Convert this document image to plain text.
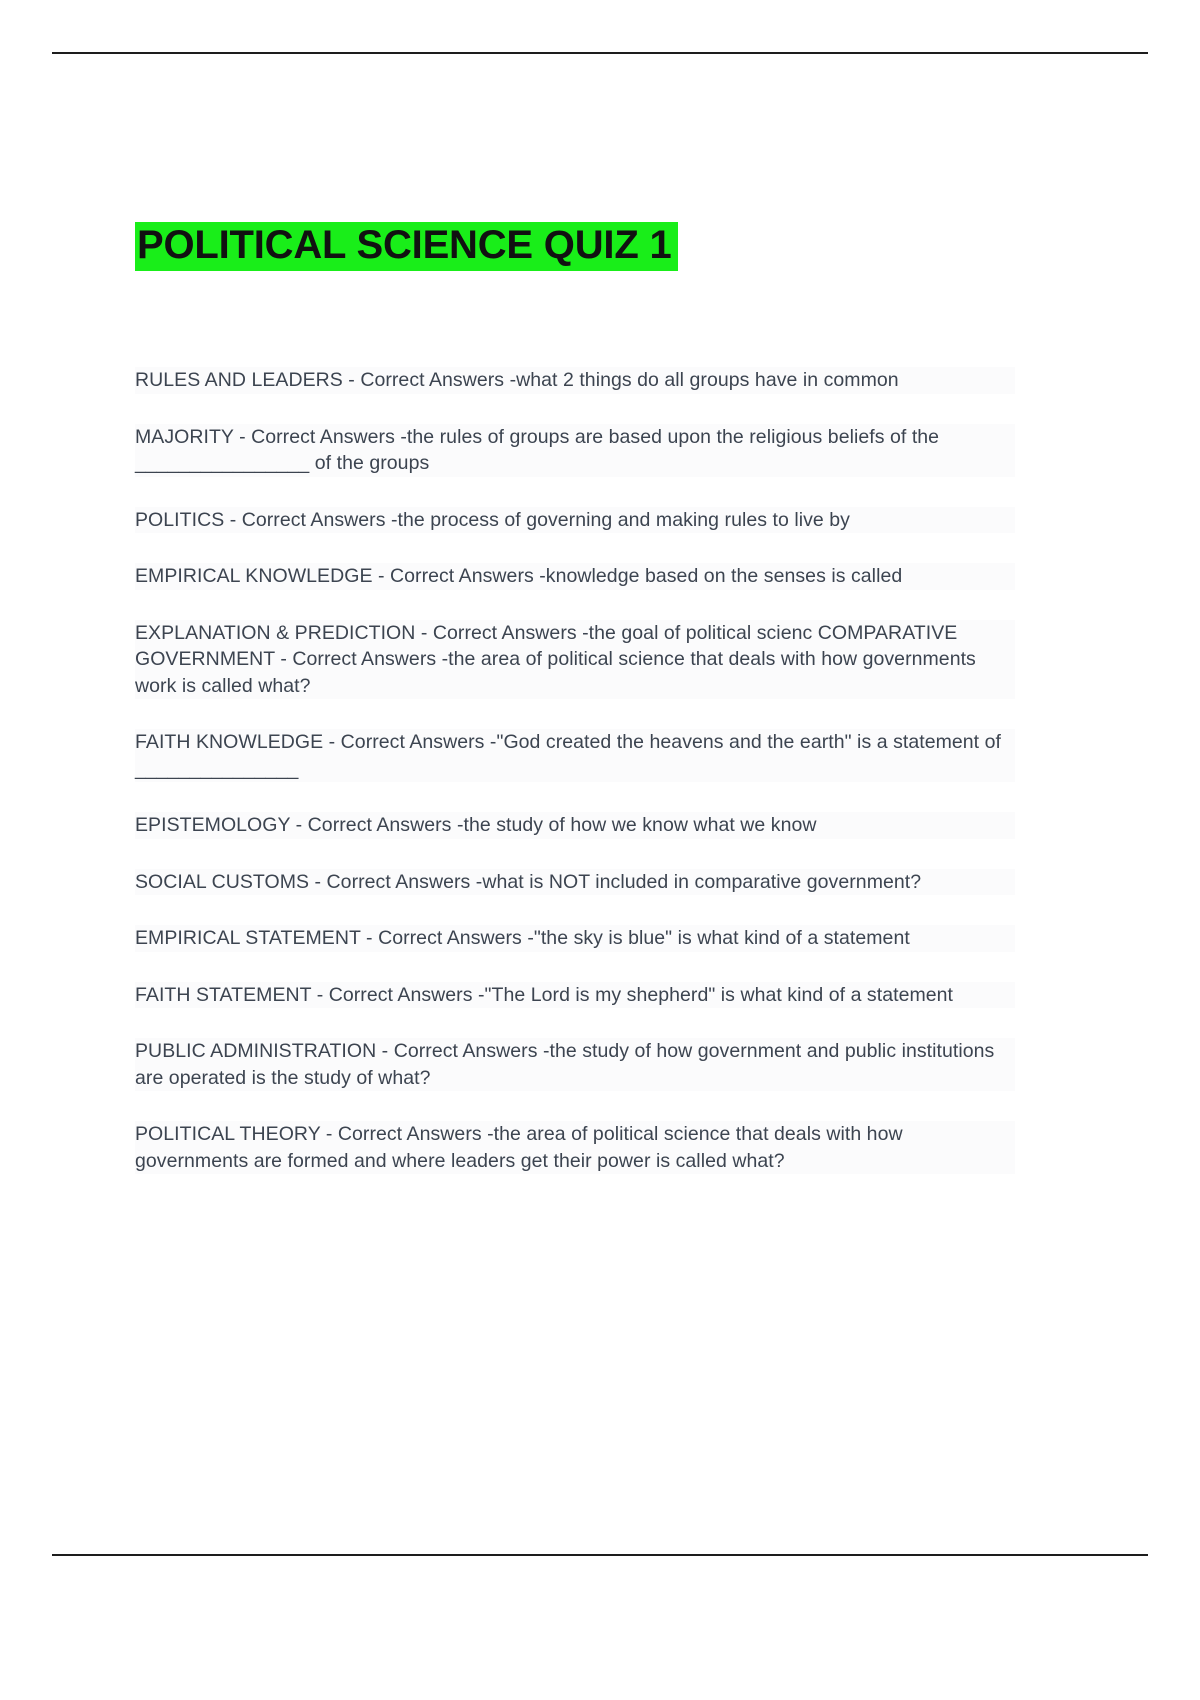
POLITICAL SCIENCE QUIZ 1
RULES AND LEADERS - Correct Answers -what 2 things do all groups have in common
MAJORITY - Correct Answers -the rules of groups are based upon the religious beliefs of the ________________ of the groups
POLITICS - Correct Answers -the process of governing and making rules to live by
EMPIRICAL KNOWLEDGE - Correct Answers -knowledge based on the senses is called
EXPLANATION & PREDICTION - Correct Answers -the goal of political scienc COMPARATIVE GOVERNMENT - Correct Answers -the area of political science that deals with how governments work is called what?
FAITH KNOWLEDGE - Correct Answers -"God created the heavens and the earth" is a statement of _______________
EPISTEMOLOGY - Correct Answers -the study of how we know what we know
SOCIAL CUSTOMS - Correct Answers -what is NOT included in comparative government?
EMPIRICAL STATEMENT - Correct Answers -"the sky is blue" is what kind of a statement
FAITH STATEMENT - Correct Answers -"The Lord is my shepherd" is what kind of a statement
PUBLIC ADMINISTRATION - Correct Answers -the study of how government and public institutions are operated is the study of what?
POLITICAL THEORY - Correct Answers -the area of political science that deals with how governments are formed and where leaders get their power is called what?
